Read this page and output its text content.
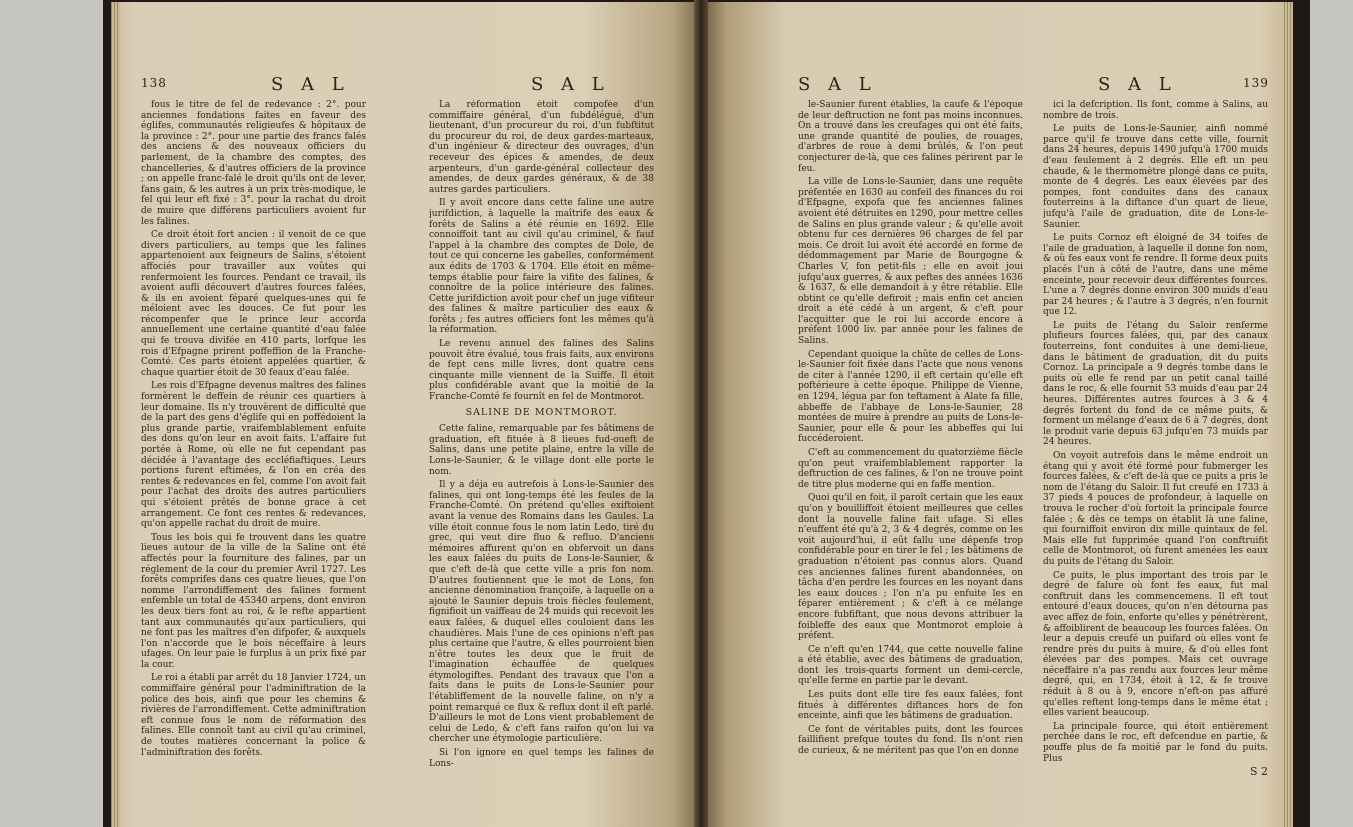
138	S A L	S A L

fous le titre de fel de redevance : 2°. pour anciennes fondations faites en faveur des églifes, communautés religieufes & hôpitaux de la province : 2°. pour une partie des francs falés des anciens & des nouveaux officiers du parlement, de la chambre des comptes, des chancelleries, & d'autres officiers de la province ; on appelle franc-falé le droit qu'ils ont de lever, fans gain, & les autres à un prix très-modique, le fel qui leur eft fixé : 3°. pour la rachat du droit de muire que différens particuliers avoient fur les falines.

Ce droit étoit fort ancien : il venoit de ce que divers particuliers, au temps que les falines appartenoient aux feigneurs de Salins, s'étoient affociés pour travailler aux voûtes qui renfermoient les fources. Pendant ce travail, ils avoient aufli découvert d'autres fources falées, & ils en avoient féparé quelques-unes qui fe méloient avec les douces. Ce fut pour les récompenfer que le prince leur accorda annuellement une certaine quantité d'eau falée qui fe trouva divifée en 410 parts, lorfque les rois d'Efpagne prirent poffeffion de la Franche-Comté. Ces parts étoient appelées quartier, & chaque quartier étoit de 30 feaux d'eau falée.

Les rois d'Efpagne devenus maîtres des falines formèrent le deffein de réunir ces quartiers à leur domaine. Ils n'y trouvèrent de difficulté que de la part des gens d'églife qui en poffédoient la plus grande partie, vraifemblablement enfuite des dons qu'on leur en avoit faits. L'affaire fut portée à Rome, où elle ne fut cependant pas décidée à l'avantage des eccléfiaftiques. Leurs portions furent eftimées, & l'on en créa des rentes & redevances en fel, comme l'on avoit fait pour l'achat des droits des autres particuliers qui s'étoient prêtés de bonne grace à cet arrangement. Ce font ces rentes & redevances, qu'on appelle rachat du droit de muire.

Tous les bois qui fe trouvent dans les quatre lieues autour de la ville de la Saline ont été affectés pour la fourniture des falines, par un réglement de la cour du premier Avril 1727. Les forêts comprifes dans ces quatre lieues, que l'on nomme l'arrondiffement des falines forment enfemble un total de 45340 arpens, dont environ les deux tiers font au roi, & le refte appartient tant aux communautés qu'aux particuliers, qui ne font pas les maîtres d'en difpofer, & auxquels l'on n'accorde que le bois néceffaire à leurs ufages. On leur paie le furplus à un prix fixé par la cour.

Le roi a établi par arrêt du 18 Janvier 1724, un commiffaire général pour l'adminiftration de la police des bois, ainfi que pour les chemins & rivières de l'arrondiffement. Cette adminiftration eft connue fous le nom de réformation des falines. Elle connoît tant au civil qu'au criminel, de toutes matières concernant la police & l'adminiftration des forêts.

La réformation étoit compofée d'un commiffaire général, d'un fubdélégué, d'un lieutenant, d'un procureur du roi, d'un fubftitut du procureur du roi, de deux gardes-marteaux, d'un ingénieur & directeur des ouvrages, d'un receveur des épices & amendes, de deux arpenteurs, d'un garde-général collecteur des amendes, de deux gardes généraux, & de 38 autres gardes particuliers.

Il y avoit encore dans cette faline une autre jurifdiction, à laquelle la maîtrife des eaux & forêts de Salins a été réunie en 1692. Elle connoiffoit tant au civil qu'au criminel, & fauf l'appel à la chambre des comptes de Dole, de tout ce qui concerne les gabelles, conformément aux édits de 1703 & 1704. Elle étoit en même-temps établie pour faire la vifite des falines, & connoître de la police intérieure des falines. Cette jurifdiction avoit pour chef un juge vifiteur des falines & maître particulier des eaux & forêts ; fes autres officiers font les mêmes qu'à la réformation.

Le revenu annuel des falines des Salins pouvoit être évalué, tous frais faits, aux environs de fept cens mille livres, dont quatre cens cinquante mille viennent de la Suiffe. Il étoit plus confidérable avant que la moitié de la Franche-Comté fe fournît en fel de Montmorot.

SALINE DE MONTMOROT.

Cette faline, remarquable par fes bâtimens de graduation, eft fituée à 8 lieues fud-oueft de Salins, dans une petite plaine, entre la ville de Lons-le-Saunier, & le village dont elle porte le nom.

Il y a déja eu autrefois à Lons-le-Saunier des falines, qui ont long-temps été les feules de la Franche-Comté. On prétend qu'elles exiftoient avant la venue des Romains dans les Gaules. La ville étoit connue fous le nom latin Ledo, tiré du grec, qui veut dire fluo & refluo. D'anciens mémoires affurent qu'on en obfervoit un dans les eaux falées du puits de Lons-le-Saunier, & que c'eft de-là que cette ville a pris fon nom. D'autres foutiennent que le mot de Lons, fon ancienne dénomination françoife, à laquelle on a ajouté le Saunier depuis trois fiècles feulement, fignifioit un vaiffeau de 24 muids qui recevoit les eaux falées, & duquel elles couloient dans les chaudières. Mais l'une de ces opinions n'eft pas plus certaine que l'autre, & elles pourroient bien n'être toutes les deux que le fruit de l'imagination échauffée de quelques étymologiftes. Pendant des travaux que l'on a faits dans le puits de Lons-le-Saunier pour l'établiffement de la nouvelle faline, on n'y a point remarqué ce flux & reflux dont il eft parlé. D'ailleurs le mot de Lons vient probablement de celui de Ledo, & c'eft fans raifon qu'on lui va chercher une étymologie particulière.

Si l'on ignore en quel temps les falines de Lons-

S A L	S A L	139

le-Saunier furent établies, la caufe & l'époque de leur deftruction ne font pas moins inconnues. On a trouvé dans les creufages qui ont été faits, une grande quantité de poulies, de rouages, d'arbres de roue à demi brûlés, & l'on peut conjecturer de-là, que ces falines périrent par le feu.

La ville de Lons-le-Saunier, dans une requête préfentée en 1630 au confeil des finances du roi d'Efpagne, expofa que fes anciennes falines avoient été détruites en 1290, pour mettre celles de Salins en plus grande valeur ; & qu'elle avoit obtenu fur ces dernières 96 charges de fel par mois. Ce droit lui avoit été accordé en forme de dédommagement par Marie de Bourgogne & Charles V, fon petit-fils ; elle en avoit joui jufqu'aux guerres, & aux peftes des années 1636 & 1637, & elle demandoit à y être rétablie. Elle obtint ce qu'elle defiroit ; mais enfin cet ancien droit a été cédé à un argent, & c'eft pour l'acquitter que le roi lui accorde encore à préfent 1000 liv. par année pour les falines de Salins.

Cependant quoique la chûte de celles de Lons-le-Saunier foit fixée dans l'acte que nous venons de citer à l'année 1290, il eft certain qu'elle eft poftérieure à cette époque. Philippe de Vienne, en 1294, légua par fon teftament à Alate fa fille, abbeffe de l'abbaye de Lons-le-Saunier, 28 montées de muire à prendre au puits de Lons-le-Saunier, pour elle & pour les abbeffes qui lui fuccéderoient.

C'eft au commencement du quatorzième fiècle qu'on peut vraifemblablement rapporter la deftruction de ces falines, & l'on ne trouve point de titre plus moderne qui en faffe mention.

Quoi qu'il en foit, il paroît certain que les eaux qu'on y bouilliffoit étoient meilleures que celles dont la nouvelle faline fait ufage. Si elles n'euffent été qu'à 2, 3 & 4 degrés, comme on les voit aujourd'hui, il eût fallu une dépenfe trop confidérable pour en tirer le fel ; les bâtimens de graduation n'étoient pas connus alors. Quand ces anciennes falines furent abandonnées, on tâcha d'en perdre les fources en les noyant dans les eaux douces ; l'on n'a pu enfuite les en féparer entièrement ; & c'eft à ce mélange encore fubfiftant, que nous devons attribuer la foibleffe des eaux que Montmorot emploie à préfent.

Ce n'eft qu'en 1744, que cette nouvelle faline a été établie, avec des bâtimens de graduation, dont les trois-quarts forment un demi-cercle, qu'elle ferme en partie par le devant.

Les puits dont elle tire fes eaux falées, font fitués à différentes diftances hors de fon enceinte, ainfi que les bâtimens de graduation.

Ce font de véritables puits, dont les fources faillifient prefque toutes du fond. Ils n'ont rien de curieux, & ne méritent pas que l'on en donne

ici la defcription. Ils font, comme à Salins, au nombre de trois.

Le puits de Lons-le-Saunier, ainfi nommé parce qu'il fe trouve dans cette ville, fournit dans 24 heures, depuis 1490 jufqu'à 1700 muids d'eau feulement à 2 degrés. Elle eft un peu chaude, & le thermomètre plongé dans ce puits, monte de 4 degrés. Les eaux élevées par des pompes, font conduites dans des canaux fouterreins à la diftance d'un quart de lieue, jufqu'à l'aile de graduation, dite de Lons-le-Saunier.

Le puits Cornoz eft éloigné de 34 toifes de l'aile de graduation, à laquelle il donne fon nom, & où fes eaux vont fe rendre. Il forme deux puits placés l'un à côté de l'autre, dans une même enceinte, pour recevoir deux différentes fources. L'une a 7 degrés donne environ 300 muids d'eau par 24 heures ; & l'autre à 3 degrés, n'en fournit que 12.

Le puits de l'étang du Saloir renferme plufieurs fources falées, qui, par des canaux fouterreins, font conduites à une demi-lieue, dans le bâtiment de graduation, dit du puits Cornoz. La principale a 9 degrés tombe dans le puits où elle fe rend par un petit canal taillé dans le roc, & elle fournit 53 muids d'eau par 24 heures. Différentes autres fources à 3 & 4 degrés fortent du fond de ce même puits, & forment un mélange d'eaux de 6 à 7 degrés, dont le produit varie depuis 63 jufqu'en 73 muids par 24 heures.

On voyoit autrefois dans le même endroit un étang qui y avoit été formé pour fubmerger les fources falées, & c'eft de-là que ce puits a pris le nom de l'étang du Saloir. Il fut creufé en 1733 à 37 pieds 4 pouces de profondeur, à laquelle on trouva le rocher d'où fortoit la principale fource falée ; & dès ce temps on établit là une faline, qui fourniffoit environ dix mille quintaux de fel. Mais elle fut fupprimée quand l'on conftruifit celle de Montmorot, où furent amenées les eaux du puits de l'étang du Saloir.

Ce puits, le plus important des trois par le degré de falure où font fes eaux, fut mal conftruit dans les commencemens. Il eft tout entouré d'eaux douces, qu'on n'en détourna pas avec affez de foin, enforte qu'elles y pénétrèrent, & affoiblirent de beaucoup les fources falées. On leur a depuis creufé un puifard où elles vont fe rendre près du puits à muire, & d'où elles font élevées par des pompes. Mais cet ouvrage néceffaire n'a pas rendu aux fources leur même degré, qui, en 1734, étoit à 12, & fe trouve réduit à 8 ou à 9, encore n'eft-on pas affuré qu'elles reftent long-temps dans le même état ; elles varient beaucoup.

La principale fource, qui étoit entièrement perchée dans le roc, eft defcendue en partie, & pouffe plus de fa moitié par le fond du puits. Plus

S 2
